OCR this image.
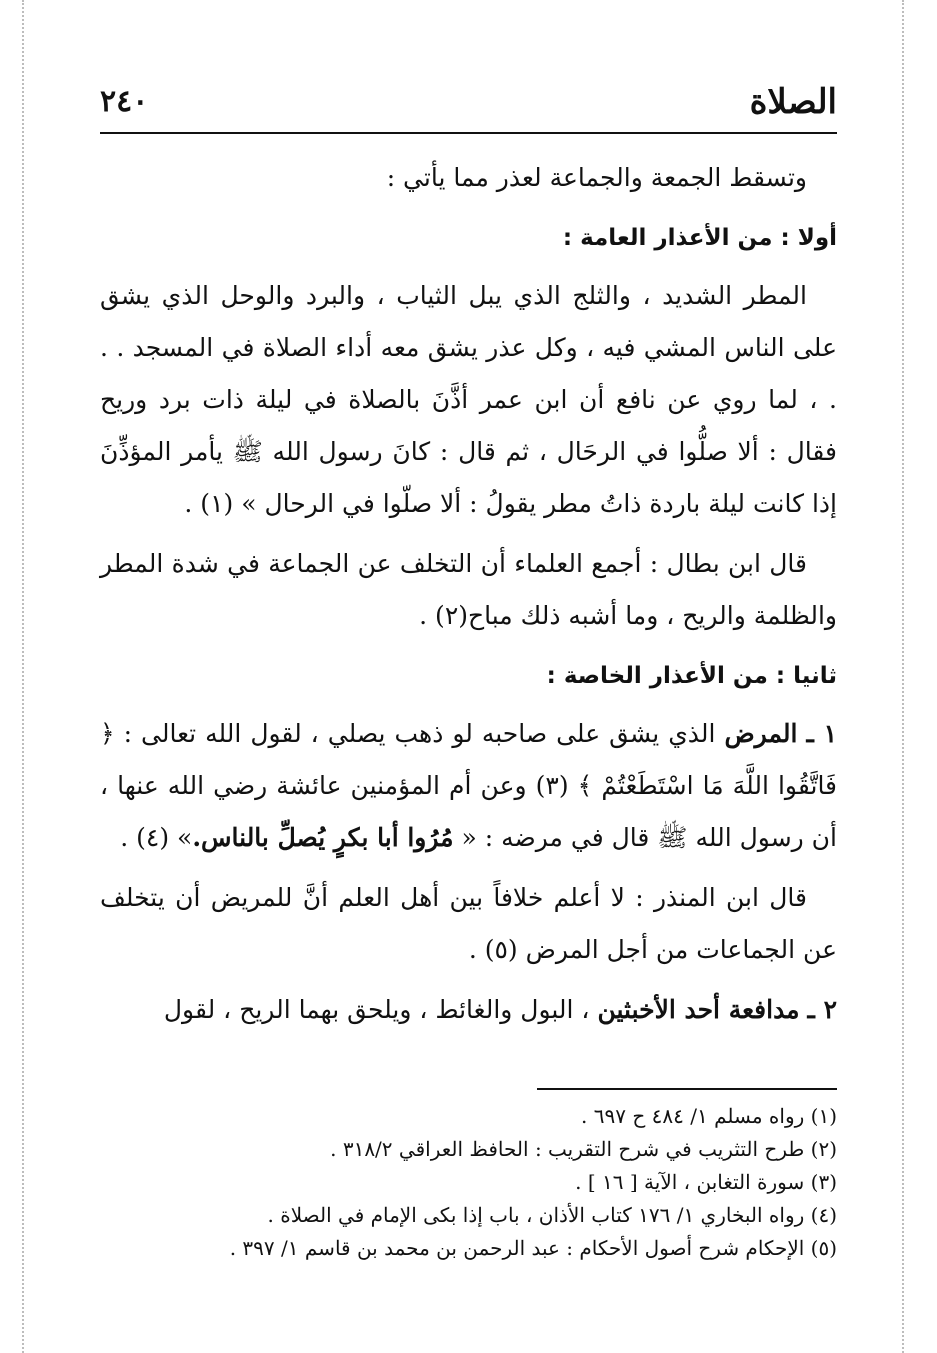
الصلاة
٢٤٠

وتسقط الجمعة والجماعة لعذر مما يأتي :

أولا : من الأعذار العامة :

المطر الشديد ، والثلج الذي يبل الثياب ، والبرد والوحل الذي يشق على الناس المشي فيه ، وكل عذر يشق معه أداء الصلاة في المسجد . . . ، لما روي عن نافع أن ابن عمر أذَّنَ بالصلاة في ليلة ذات برد وريح فقال : ألا صلُّوا في الرحَال ، ثم قال : كانَ رسول الله ﷺ يأمر المؤذِّنَ إذا كانت ليلة باردة ذاتُ مطر يقولُ : ألا صلّوا في الرحال » (١) .

قال ابن بطال : أجمع العلماء أن التخلف عن الجماعة في شدة المطر والظلمة والريح ، وما أشبه ذلك مباح(٢) .

ثانيا : من الأعذار الخاصة :

١ ـ المرض الذي يشق على صاحبه لو ذهب يصلي ، لقول الله تعالى : ﴿ فَاتَّقُوا اللَّهَ مَا اسْتَطَعْتُمْ ﴾ (٣) وعن أم المؤمنين عائشة رضي الله عنها ، أن رسول الله ﷺ قال في مرضه : « مُرُوا أبا بكرٍ يُصلِّ بالناس.» (٤) .

قال ابن المنذر : لا أعلم خلافاً بين أهل العلم أنَّ للمريض أن يتخلف عن الجماعات من أجل المرض (٥) .

٢ ـ مدافعة أحد الأخبثين ، البول والغائط ، ويلحق بهما الريح ، لقول

(١) رواه مسلم ١/ ٤٨٤ ح ٦٩٧ .
(٢) طرح التثريب في شرح التقريب : الحافظ العراقي ٣١٨/٢ .
(٣) سورة التغابن ، الآية [ ١٦ ] .
(٤) رواه البخاري ١/ ١٧٦ كتاب الأذان ، باب إذا بكى الإمام في الصلاة .
(٥) الإحكام شرح أصول الأحكام : عبد الرحمن بن محمد بن قاسم ١/ ٣٩٧ .
